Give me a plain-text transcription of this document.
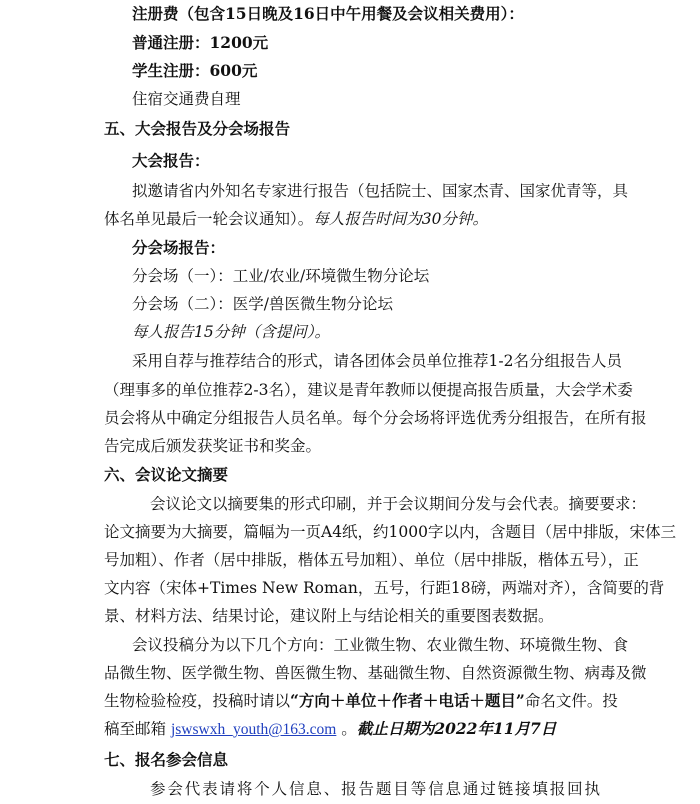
注册费（包含15日晚及16日中午用餐及会议相关费用）：
普通注册：1200元
学生注册：600元
住宿交通费自理
五、大会报告及分会场报告
大会报告：
拟邀请省内外知名专家进行报告（包括院士、国家杰青、国家优青等，具
体名单见最后一轮会议通知）。每人报告时间为30分钟。
分会场报告：
分会场（一）：工业/农业/环境微生物分论坛
分会场（二）：医学/兽医微生物分论坛
每人报告15分钟（含提问）。
采用自荐与推荐结合的形式，请各团体会员单位推荐1-2名分组报告人员
（理事多的单位推荐2-3名），建议是青年教师以便提高报告质量，大会学术委
员会将从中确定分组报告人员名单。每个分会场将评选优秀分组报告，在所有报
告完成后颁发获奖证书和奖金。
六、会议论文摘要
会议论文以摘要集的形式印刷，并于会议期间分发与会代表。摘要要求：
论文摘要为大摘要，篇幅为一页A4纸，约1000字以内，含题目（居中排版，宋体三
号加粗）、作者（居中排版，楷体五号加粗）、单位（居中排版，楷体五号），正
文内容（宋体+Times New Roman，五号，行距18磅，两端对齐），含简要的背
景、材料方法、结果讨论，建议附上与结论相关的重要图表数据。
会议投稿分为以下几个方向：工业微生物、农业微生物、环境微生物、食
品微生物、医学微生物、兽医微生物、基础微生物、自然资源微生物、病毒及微
生物检验检疫，投稿时请以“方向＋单位＋作者＋电话＋题目”命名文件。投
稿至邮箱 jswswxh_youth@163.com 。截止日期为2022年11月7日
七、报名参会信息
参会代表请将个人信息、报告题目等信息通过链接填报回执
